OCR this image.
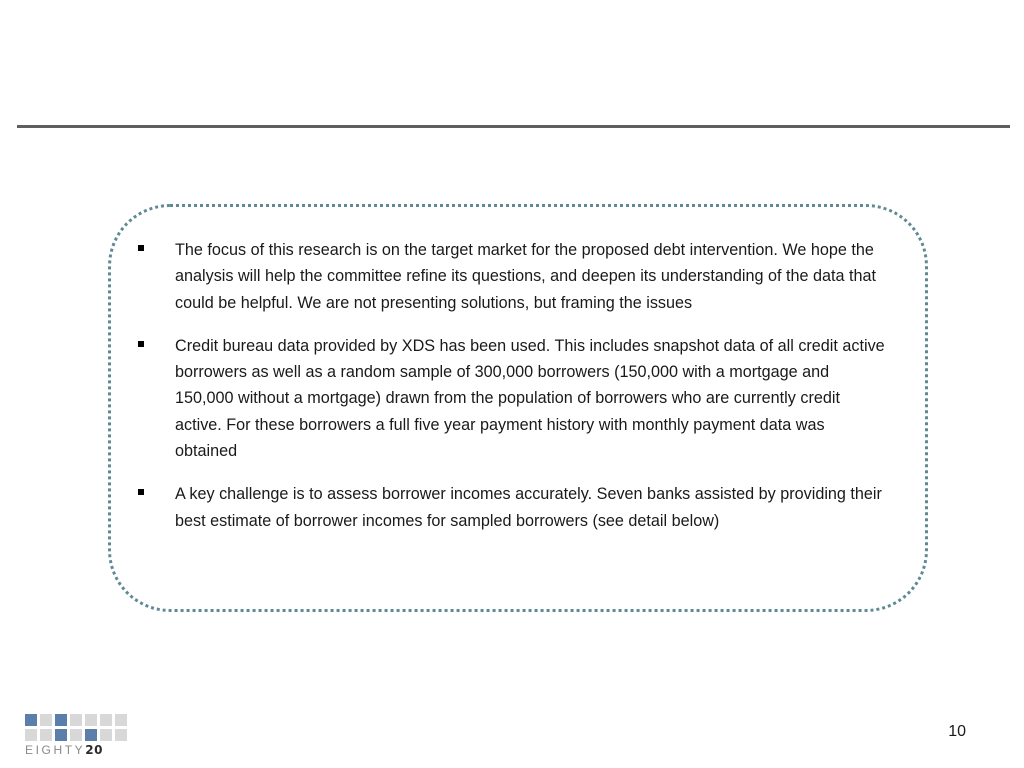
The focus of this research is on the target market for the proposed debt intervention. We hope the analysis will help the committee refine its questions, and deepen its understanding of the data that could be helpful. We are not presenting solutions, but framing the issues
Credit bureau data provided by XDS has been used. This includes snapshot data of all credit active borrowers as well as a random sample of 300,000 borrowers (150,000 with a mortgage and 150,000 without a mortgage) drawn from the population of borrowers who are currently credit active. For these borrowers a full five year payment history with monthly payment data was obtained
A key challenge is to assess borrower incomes accurately. Seven banks assisted by providing their best estimate of borrower incomes for sampled borrowers (see detail below)
EIGHTY20
10
